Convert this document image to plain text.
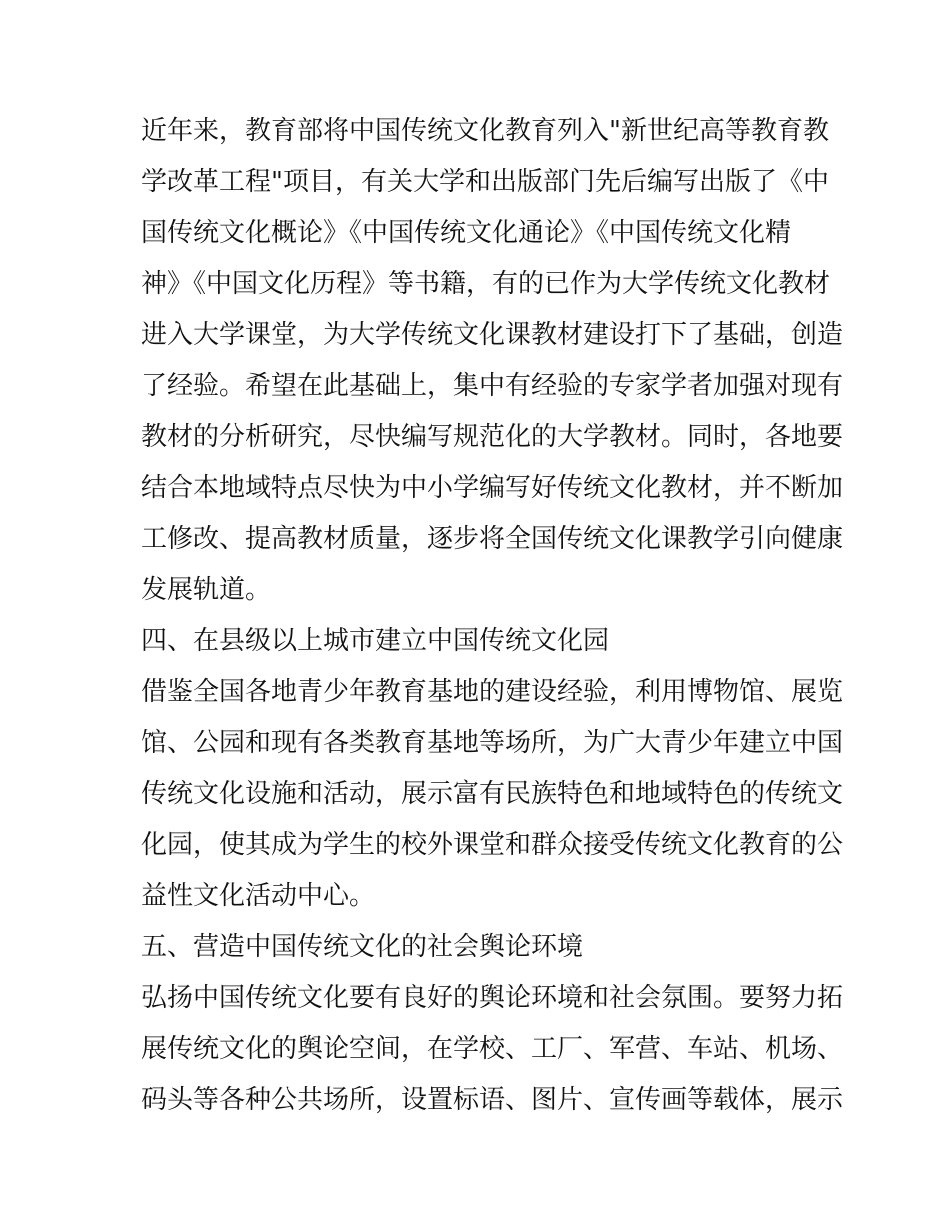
近年来，教育部将中国传统文化教育列入"新世纪高等教育教
学改革工程"项目，有关大学和出版部门先后编写出版了《中
国传统文化概论》《中国传统文化通论》《中国传统文化精
神》《中国文化历程》等书籍，有的已作为大学传统文化教材
进入大学课堂，为大学传统文化课教材建设打下了基础，创造
了经验。希望在此基础上，集中有经验的专家学者加强对现有
教材的分析研究，尽快编写规范化的大学教材。同时，各地要
结合本地域特点尽快为中小学编写好传统文化教材，并不断加
工修改、提高教材质量，逐步将全国传统文化课教学引向健康
发展轨道。
四、在县级以上城市建立中国传统文化园
借鉴全国各地青少年教育基地的建设经验，利用博物馆、展览
馆、公园和现有各类教育基地等场所，为广大青少年建立中国
传统文化设施和活动，展示富有民族特色和地域特色的传统文
化园，使其成为学生的校外课堂和群众接受传统文化教育的公
益性文化活动中心。
五、营造中国传统文化的社会舆论环境
弘扬中国传统文化要有良好的舆论环境和社会氛围。要努力拓
展传统文化的舆论空间，在学校、工厂、军营、车站、机场、
码头等各种公共场所，设置标语、图片、宣传画等载体，展示
